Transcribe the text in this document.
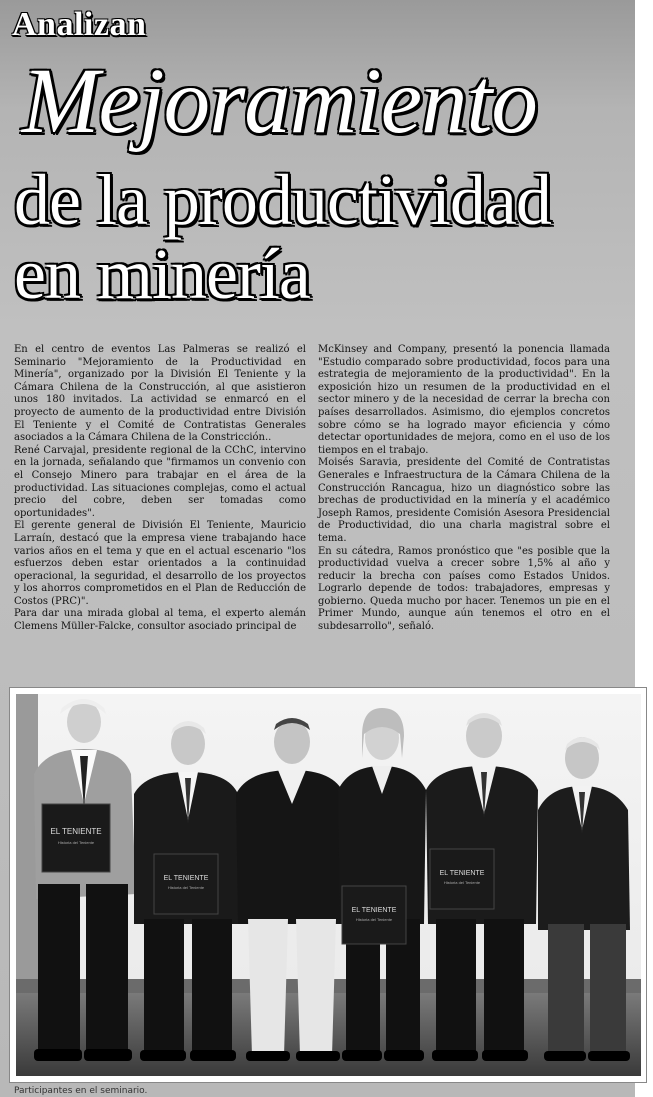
Analizan
Mejoramiento
de la productividad
en minería

En el centro de eventos Las Palmeras se realizó el Seminario "Mejoramiento de la Productividad en Minería", organizado por la División El Teniente y la Cámara Chilena de la Construcción, al que asistieron unos 180 invitados. La actividad se enmarcó en el proyecto de aumento de la productividad entre División El Teniente y el Comité de Contratistas Generales asociados a la Cámara Chilena de la Constricción..

René Carvajal, presidente regional de la CChC, intervino en la jornada, señalando que "firmamos un convenio con el Consejo Minero para trabajar en el área de la productividad. Las situaciones complejas, como el actual precio del cobre, deben ser tomadas como oportunidades".

El gerente general de División El Teniente, Mauricio Larraín, destacó que la empresa viene trabajando hace varios años en el tema y que en el actual escenario "los esfuerzos deben estar orientados a la continuidad operacional, la seguridad, el desarrollo de los proyectos y los ahorros comprometidos en el Plan de Reducción de Costos (PRC)".

Para dar una mirada global al tema, el experto alemán Clemens Müller-Falcke, consultor asociado principal de

McKinsey and Company, presentó la ponencia llamada "Estudio comparado sobre productividad, focos para una estrategia de mejoramiento de la productividad". En la exposición hizo un resumen de la productividad en el sector minero y de la necesidad de cerrar la brecha con países desarrollados. Asimismo, dio ejemplos concretos sobre cómo se ha logrado mayor eficiencia y cómo detectar oportunidades de mejora, como en el uso de los tiempos en el trabajo.

Moisés Saravia, presidente del Comité de Contratistas Generales e Infraestructura de la Cámara Chilena de la Construcción Rancagua, hizo un diagnóstico sobre las brechas de productividad en la minería y el académico Joseph Ramos, presidente Comisión Asesora Presidencial de Productividad, dio una charla magistral sobre el tema.

En su cátedra, Ramos pronóstico que "es posible que la productividad vuelva a crecer sobre 1,5% al año y reducir la brecha con países como Estados Unidos. Lograrlo depende de todos: trabajadores, empresas y gobierno. Queda mucho por hacer. Tenemos un pie en el Primer Mundo, aunque aún tenemos el otro en el subdesarrollo", señaló.

EL TENIENTE
Historia del Teniente
EL TENIENTE
Historia del Teniente
EL TENIENTE
Historia del Teniente
EL TENIENTE
Historia del Teniente
Participantes en el seminario.
